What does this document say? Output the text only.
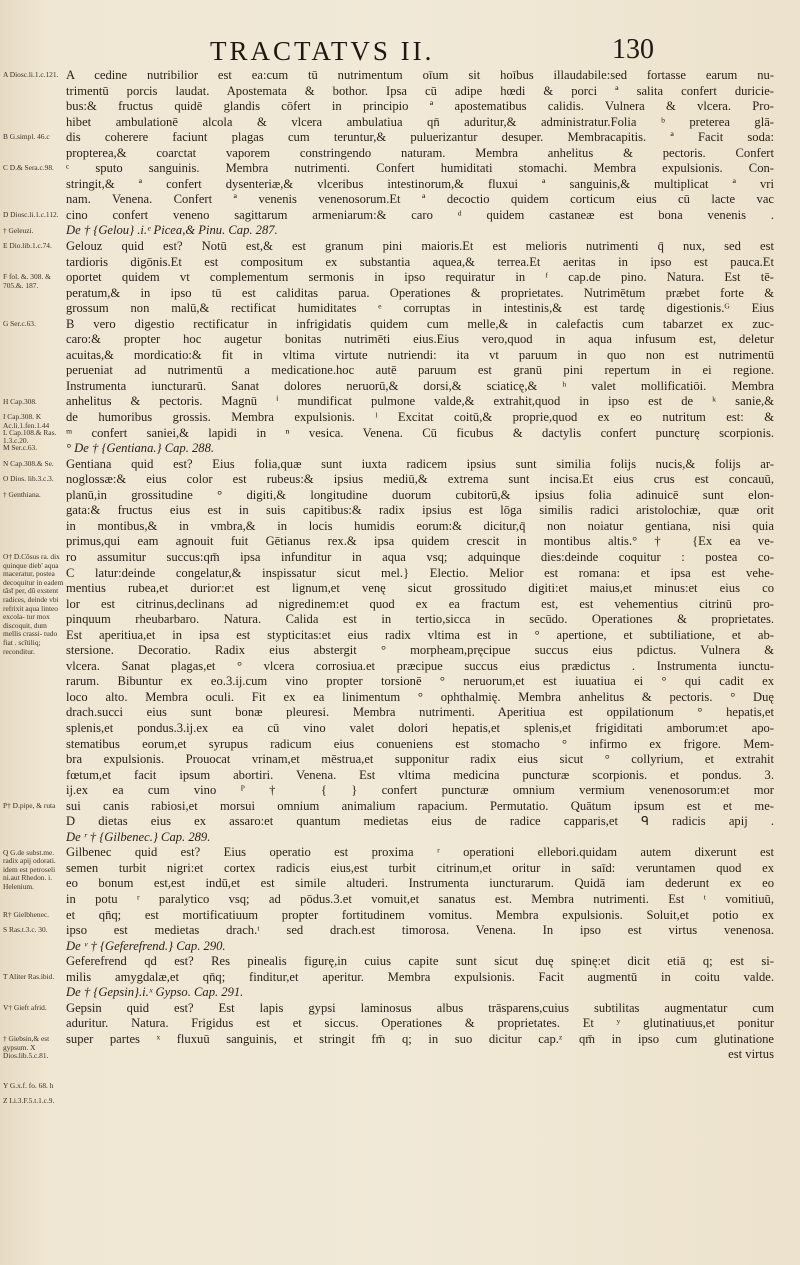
TRACTATVS II.	130
A Diosc.li.1.c.121.
B G.simpl. 46.c
C D.& Sera.c.98.
D Diosc.li.1.c.112.
† Geleuzi.
E Dio.lib.1.c.74.
F fol. &. 308. & 705.&. 187.
G Ser.c.63.
H Cap.308.
I Cap.308. K Ac.li.1.fen.1.44
L Cap.108.& Ras. 1.3.c.20.
M Ser.c.63.
N Cap.308.& Se.
O Dios. lib.3.c.3.
† Genthiana.
O† D.Cōsus ra. dix quinque dieb' aqua maceratur, postea decoquitur in eadem tāst̄ per, dū exstent radices, deinde vbi refrixit aqua linteo excola- tur mox discoquit, dum mellis crassi- tudo fiat . scītiliq; reconditur.
P† D.pipe, & ruta
Q G.de subst.me. radix apij odorati. idem est petroseli ni.aut Rhedon. i. Helenium.
R† Gielbhenec.
S Ras.t.3.c. 30.
T Aliter Ras.ibid.
V† Gieft afrid.
† Giebsin,& est gypsum. X Dios.lib.5.c.81.
Y G.x.f. fo. 68. h
Z Li.3.F.5.t.1.c.9.
A cedine nutribilior est ea:cum tū nutrimentum oīum sit hoībus illaudabile:sed fortasse earum nu-
trimentū porcis laudat. Apostemata & bothor. Ipsa cū adipe hœdi & porci ª salita confert duricie-
bus:& fructus quidē glandis cōfert in principio ª apostematibus calidis. Vulnera & vlcera. Pro-
hibet ambulationē alcola & vlcera ambulatiua qn̄ aduritur,& administratur.Folia ᵇ preterea glā-
dis coherere faciunt plagas cum teruntur,& puluerizantur desuper. Membracapitis. ª Facit soda:
propterea,& coarctat vaporem constringendo naturam. Membra anhelitus & pectoris. Confert
ᶜ sputo sanguinis. Membra nutrimenti. Confert humiditati stomachi. Membra expulsionis. Con-
stringit,& ª confert dysenteriæ,& vlceribus intestinorum,& fluxui ª sanguinis,& multiplicat ª vri
nam. Venena. Confert ª venenis venenosorum.Et ª decoctio quidem corticum eius cū lacte vac
cino confert veneno sagittarum armeniarum:& caro ᵈ quidem castaneæ est bona venenis .
De † {Gelou} .i.ᵉ Picea,& Pinu. Cap. 287.
Gelouz quid est? Notū est,& est granum pini maioris.Et est melioris nutrimenti q̄ nux, sed est
tardioris digōnis.Et est compositum ex substantia aquea,& terrea.Et aeritas in ipso est pauca.Et
oportet quidem vt complementum sermonis in ipso requiratur in ᶠ cap.de pino. Natura. Est tē-
peratum,& in ipso tū est caliditas parua. Operationes & proprietates. Nutrimētum præbet forte &
grossum non malū,& rectificat humiditates ᵉ corruptas in intestinis,& est tardę digestionis.ᴳ Eius
B vero digestio rectificatur in infrigidatis quidem cum melle,& in calefactis cum tabarzet ex zuc-
caro:& propter hoc augetur bonitas nutrimēti eius.Eius vero,quod in aqua infusum est, deletur
acuitas,& mordicatio:& fit in vltima virtute nutriendi: ita vt paruum in quo non est nutrimentū
perueniat ad nutrimentū a medicatione.hoc autē paruum est granū pini repertum in ei regione.
Instrumenta iuncturarū. Sanat dolores neruorū,& dorsi,& sciaticę,& ʰ valet mollificatiōi. Membra
anhelitus & pectoris. Magnū ⁱ mundificat pulmone valde,& extrahit,quod in ipso est de ᵏ sanie,&
de humoribus grossis. Membra expulsionis. ˡ Excitat coitū,& proprie,quod ex eo nutritum est: &
ᵐ confert saniei,& lapidi in ⁿ vesica. Venena. Cū ficubus & dactylis confert puncturę scorpionis.
° De † {Gentiana.} Cap. 288.
Gentiana quid est? Eius folia,quæ sunt iuxta radicem ipsius sunt similia folijs nucis,& folijs ar-
noglossæ:& eius color est rubeus:& ipsius mediū,& extrema sunt incisa.Et eius crus est concauū,
planū,in grossitudine ° digiti,& longitudine duorum cubitorū,& ipsius folia adinuicē sunt elon-
gata:& fructus eius est in suis capitibus:& radix ipsius est lōga similis radici aristolochiæ, quæ orit
in montibus,& in vmbra,& in locis humidis eorum:& dicitur,q̄ non noiatur gentiana, nisi quia
primus,qui eam agnouit fuit Gētianus rex.& ipsa quidem crescit in montibus altis.° † {Ex ea ve-
ro assumitur succus:qm̄ ipsa infunditur in aqua vsq; adquinque dies:deinde coquitur : postea co-
C latur:deinde congelatur,& inspissatur sicut mel.} Electio. Melior est romana: et ipsa est vehe-
mentius rubea,et durior:et est lignum,et venę sicut grossitudo digiti:et maius,et minus:et eius co
lor est citrinus,declinans ad nigredinem:et quod ex ea fractum est, est vehementius citrinū pro-
pinquum rheubarbaro. Natura. Calida est in tertio,sicca in secūdo. Operationes & proprietates.
Est aperitiua,et in ipsa est stypticitas:et eius radix vltima est in ° apertione, et subtiliatione, et ab-
stersione. Decoratio. Radix eius abstergit ° morpheam,pręcipue succus eius pdictus. Vulnera &
vlcera. Sanat plagas,et ° vlcera corrosiua.et præcipue succus eius prædictus . Instrumenta iunctu-
rarum. Bibuntur ex eo.3.ij.cum vino propter torsionē ° neruorum,et est iuuatiua ei ° qui cadit ex
loco alto. Membra oculi. Fit ex ea linimentum ° ophthalmię. Membra anhelitus & pectoris. ° Duę
drach.succi eius sunt bonæ pleuresi. Membra nutrimenti. Aperitiua est oppilationum ° hepatis,et
splenis,et pondus.3.ij.ex ea cū vino valet dolori hepatis,et splenis,et frigiditati amborum:et apo-
stematibus eorum,et syrupus radicum eius conueniens est stomacho ° infirmo ex frigore. Mem-
bra expulsionis. Prouocat vrinam,et mēstrua,et supponitur radix eius sicut ° collyrium, et extrahit
fœtum,et facit ipsum abortiri. Venena. Est vltima medicina puncturæ scorpionis. et pondus. 3.
ij.ex ea cum vino ᴾ † { } confert puncturæ omnium vermium venenosorum:et mor
sui canis rabiosi,et morsui omnium animalium rapacium. Permutatio. Quātum ipsum est et me-
D dietas eius ex assaro:et quantum medietas eius de radice capparis,et ᑫ radicis apij .
De ʳ † {Gilbenec.} Cap. 289.
Gilbenec quid est? Eius operatio est proxima ʳ operationi ellebori.quidam autem dixerunt est
semen turbit nigri:et cortex radicis eius,est turbit citrinum,et oritur in saīd: veruntamen quod ex
eo bonum est,est indū,et est simile altuderi. Instrumenta iuncturarum. Quidā iam dederunt ex eo
in potu ʳ paralytico vsq; ad pōdus.3.et vomuit,et sanatus est. Membra nutrimenti. Est ᵗ vomitiuū,
et qn̄q; est mortificatiuum propter fortitudinem vomitus. Membra expulsionis. Soluit,et potio ex
ipso est medietas drach.ᵗ sed drach.est timorosa. Venena. In ipso est virtus venenosa.
De ᵛ † {Geferefrend.} Cap. 290.
Geferefrend qd est? Res pinealis figurę,in cuius capite sunt sicut duę spinę:et dicit etiā q; est si-
milis amygdalæ,et qn̄q; finditur,et aperitur. Membra expulsionis. Facit augmentū in coitu valde.
De † {Gepsin}.i.ˣ Gypso. Cap. 291.
Gepsin quid est? Est lapis gypsi laminosus albus trāsparens,cuius subtilitas augmentatur cum
aduritur. Natura. Frigidus est et siccus. Operationes & proprietates. Et ʸ glutinatiuus,et ponitur
super partes ˣ fluxuū sanguinis, et stringit fm̄ q; in suo dicitur cap.ᶻ qm̄ in ipso cum glutinatione
est virtus
